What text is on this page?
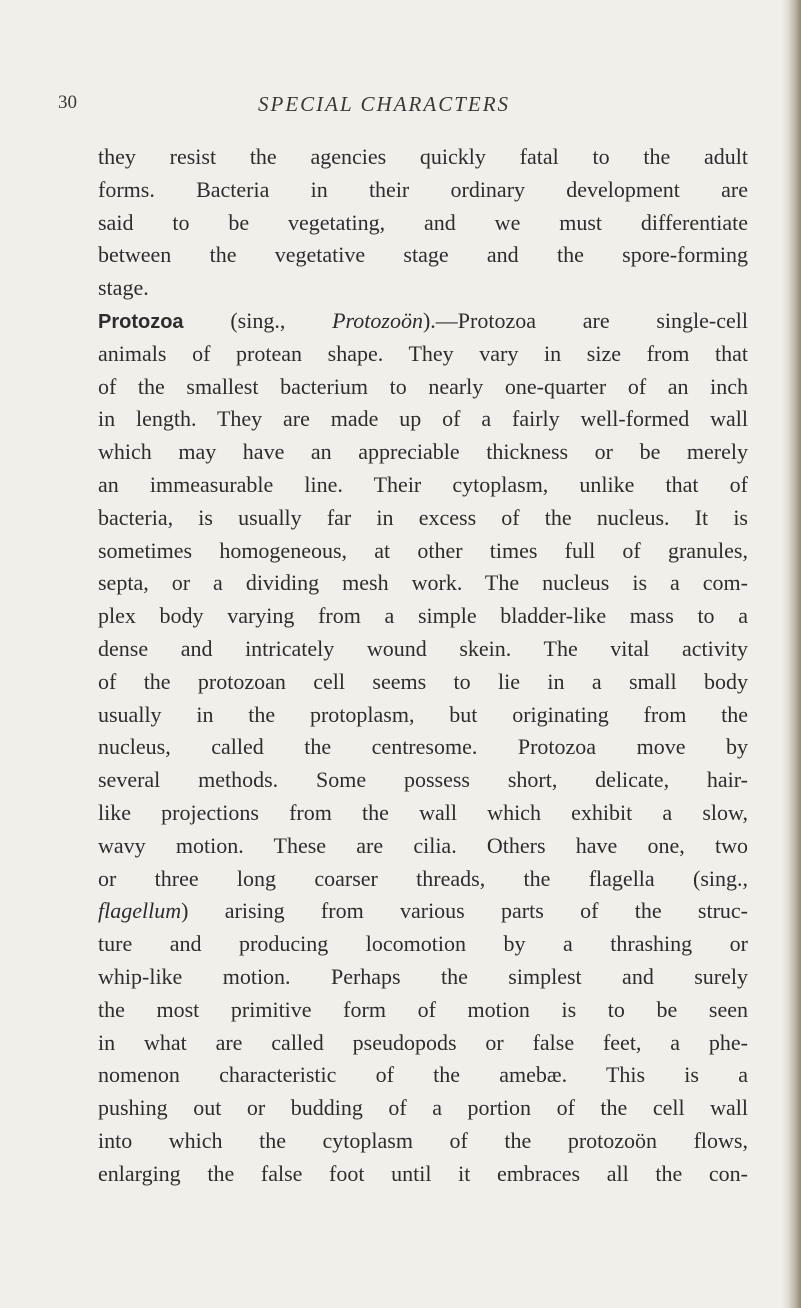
30	SPECIAL CHARACTERS
they resist the agencies quickly fatal to the adult
forms. Bacteria in their ordinary development are
said to be vegetating, and we must differentiate
between the vegetative stage and the spore-forming
stage.
Protozoa (sing., Protozoön).—Protozoa are single-cell
animals of protean shape. They vary in size from that
of the smallest bacterium to nearly one-quarter of an inch
in length. They are made up of a fairly well-formed wall
which may have an appreciable thickness or be merely
an immeasurable line. Their cytoplasm, unlike that of
bacteria, is usually far in excess of the nucleus. It is
sometimes homogeneous, at other times full of granules,
septa, or a dividing mesh work. The nucleus is a com-
plex body varying from a simple bladder-like mass to a
dense and intricately wound skein. The vital activity
of the protozoan cell seems to lie in a small body
usually in the protoplasm, but originating from the
nucleus, called the centresome. Protozoa move by
several methods. Some possess short, delicate, hair-
like projections from the wall which exhibit a slow,
wavy motion. These are cilia. Others have one, two
or three long coarser threads, the flagella (sing.,
flagellum) arising from various parts of the struc-
ture and producing locomotion by a thrashing or
whip-like motion. Perhaps the simplest and surely
the most primitive form of motion is to be seen
in what are called pseudopods or false feet, a phe-
nomenon characteristic of the amebæ. This is a
pushing out or budding of a portion of the cell wall
into which the cytoplasm of the protozoön flows,
enlarging the false foot until it embraces all the con-
